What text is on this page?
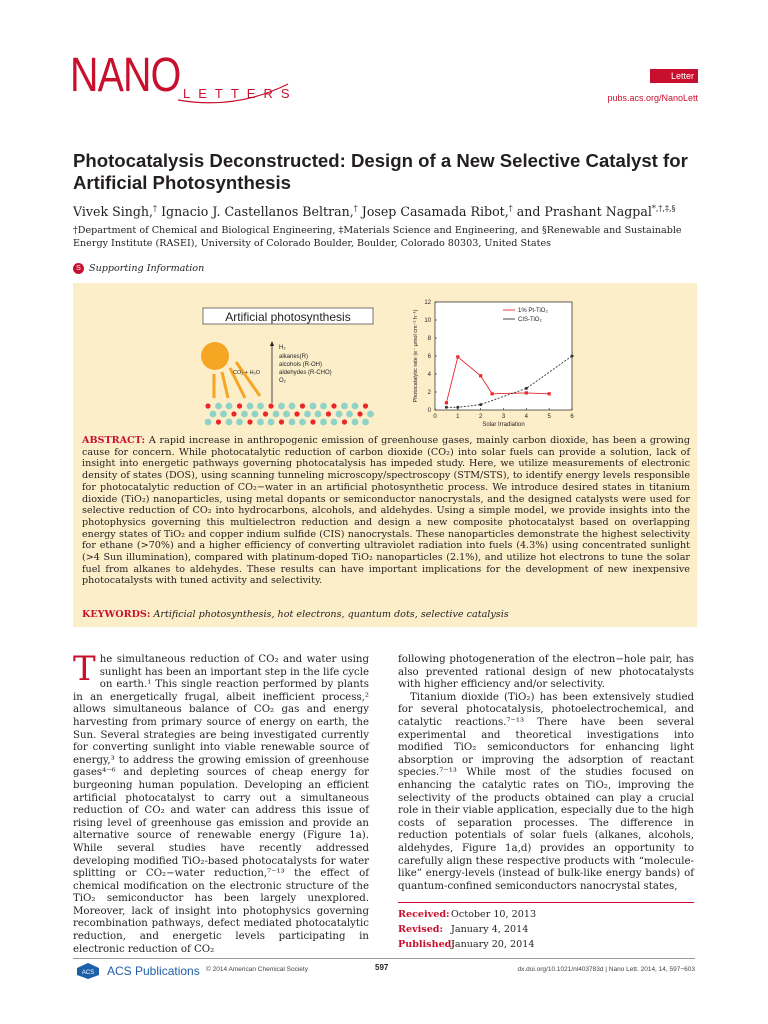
NANO LETTERS
Letter
pubs.acs.org/NanoLett
Photocatalysis Deconstructed: Design of a New Selective Catalyst for Artificial Photosynthesis
Vivek Singh,† Ignacio J. Castellanos Beltran,† Josep Casamada Ribot,† and Prashant Nagpal*,†,‡,§
†Department of Chemical and Biological Engineering, ‡Materials Science and Engineering, and §Renewable and Sustainable Energy Institute (RASEI), University of Colorado Boulder, Boulder, Colorado 80303, United States
S Supporting Information
Artificial photosynthesis
CO₂ + H₂O
H₂
alkanes(R)
alcohols (R-OH)
aldehydes (R-CHO)
O₂
0	1	2	3	4	5	6
0
2
4
6
8
10
12
Solar Irradiation
Photocatalytic rate (e⁻ μmol cm⁻² h⁻¹)	1% Pt-TiO₂
CIS-TiO₂
ABSTRACT: A rapid increase in anthropogenic emission of greenhouse gases, mainly carbon dioxide, has been a growing cause for concern. While photocatalytic reduction of carbon dioxide (CO₂) into solar fuels can provide a solution, lack of insight into energetic pathways governing photocatalysis has impeded study. Here, we utilize measurements of electronic density of states (DOS), using scanning tunneling microscopy/spectroscopy (STM/STS), to identify energy levels responsible for photocatalytic reduction of CO₂−water in an artificial photosynthetic process. We introduce desired states in titanium dioxide (TiO₂) nanoparticles, using metal dopants or semiconductor nanocrystals, and the designed catalysts were used for selective reduction of CO₂ into hydrocarbons, alcohols, and aldehydes. Using a simple model, we provide insights into the photophysics governing this multielectron reduction and design a new composite photocatalyst based on overlapping energy states of TiO₂ and copper indium sulfide (CIS) nanocrystals. These nanoparticles demonstrate the highest selectivity for ethane (>70%) and a higher efficiency of converting ultraviolet radiation into fuels (4.3%) using concentrated sunlight (>4 Sun illumination), compared with platinum-doped TiO₂ nanoparticles (2.1%), and utilize hot electrons to tune the solar fuel from alkanes to aldehydes. These results can have important implications for the development of new inexpensive photocatalysts with tuned activity and selectivity.
KEYWORDS: Artificial photosynthesis, hot electrons, quantum dots, selective catalysis
T he simultaneous reduction of CO₂ and water using sunlight has been an important step in the life cycle on earth.¹ This single reaction performed by plants in an energetically frugal, albeit inefficient process,² allows simultaneous balance of CO₂ gas and energy harvesting from primary source of energy on earth, the Sun. Several strategies are being investigated currently for converting sunlight into viable renewable source of energy,³ to address the growing emission of greenhouse gases⁴⁻⁶ and depleting sources of cheap energy for burgeoning human population. Developing an efficient artificial photocatalyst to carry out a simultaneous reduction of CO₂ and water can address this issue of rising level of greenhouse gas emission and provide an alternative source of renewable energy (Figure 1a). While several studies have recently addressed developing modified TiO₂-based photocatalysts for water splitting or CO₂−water reduction,⁷⁻¹³ the effect of chemical modification on the electronic structure of the TiO₂ semiconductor has been largely unexplored. Moreover, lack of insight into photophysics governing recombination pathways, defect mediated photocatalytic reduction, and energetic levels participating in electronic reduction of CO₂

following photogeneration of the electron−hole pair, has also prevented rational design of new photocatalysts with higher efficiency and/or selectivity.

Titanium dioxide (TiO₂) has been extensively studied for several photocatalysis, photoelectrochemical, and catalytic reactions.⁷⁻¹³ There have been several experimental and theoretical investigations into modified TiO₂ semiconductors for enhancing light absorption or improving the adsorption of reactant species.⁷⁻¹³ While most of the studies focused on enhancing the catalytic rates on TiO₂, improving the selectivity of the products obtained can play a crucial role in their viable application, especially due to the high costs of separation processes. The difference in reduction potentials of solar fuels (alkanes, alcohols, aldehydes, Figure 1a,d) provides an opportunity to carefully align these respective products with “molecule-like” energy-levels (instead of bulk-like energy bands) of quantum-confined semiconductors nanocrystal states,

Received:October 10, 2013
Revised: January 4, 2014
Published:January 20, 2014
ACS ACS Publications © 2014 American Chemical Society	597	dx.doi.org/10.1021/nl403783d | Nano Lett. 2014, 14, 597−603
